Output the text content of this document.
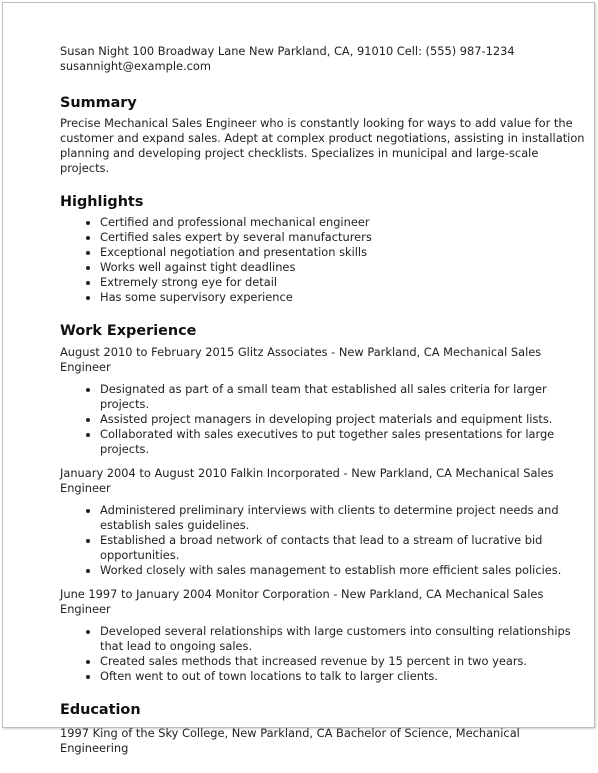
Susan Night 100 Broadway Lane New Parkland, CA, 91010 Cell: (555) 987-1234
susannight@example.com
Summary

Precise Mechanical Sales Engineer who is constantly looking for ways to add value for the customer and expand sales. Adept at complex product negotiations, assisting in installation planning and developing project checklists. Specializes in municipal and large-scale projects.

Highlights
• Certified and professional mechanical engineer
• Certified sales expert by several manufacturers
• Exceptional negotiation and presentation skills
• Works well against tight deadlines
• Extremely strong eye for detail
• Has some supervisory experience
Work Experience
August 2010 to February 2015 Glitz Associates - New Parkland, CA Mechanical Sales Engineer
• Designated as part of a small team that established all sales criteria for larger projects.
• Assisted project managers in developing project materials and equipment lists.
• Collaborated with sales executives to put together sales presentations for large projects.
January 2004 to August 2010 Falkin Incorporated - New Parkland, CA Mechanical Sales Engineer
• Administered preliminary interviews with clients to determine project needs and establish sales guidelines.
• Established a broad network of contacts that lead to a stream of lucrative bid opportunities.
• Worked closely with sales management to establish more efficient sales policies.
June 1997 to January 2004 Monitor Corporation - New Parkland, CA Mechanical Sales Engineer
• Developed several relationships with large customers into consulting relationships that lead to ongoing sales.
• Created sales methods that increased revenue by 15 percent in two years.
• Often went to out of town locations to talk to larger clients.
Education
1997 King of the Sky College, New Parkland, CA Bachelor of Science, Mechanical Engineering
